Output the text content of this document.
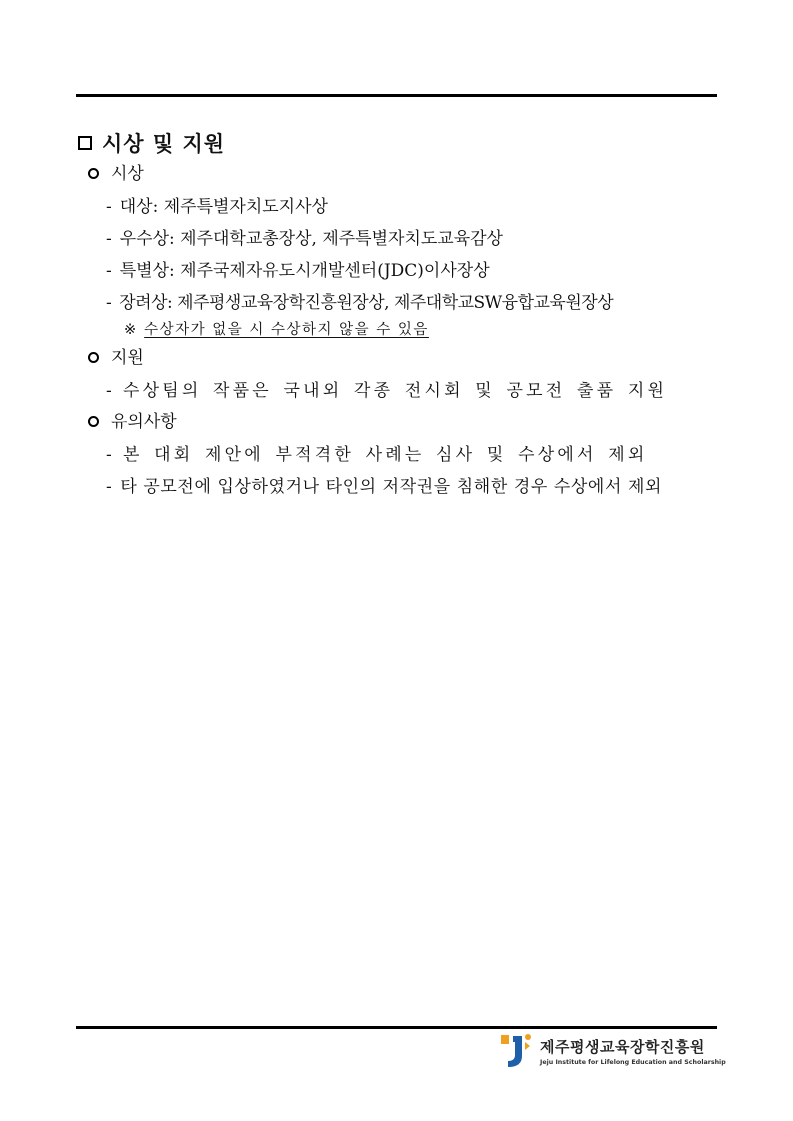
시상 및 지원
시상
- 대상: 제주특별자치도지사상
- 우수상: 제주대학교총장상, 제주특별자치도교육감상
- 특별상: 제주국제자유도시개발센터(JDC)이사장상
- 장려상: 제주평생교육장학진흥원장상, 제주대학교SW융합교육원장상
※ 수상자가 없을 시 수상하지 않을 수 있음
지원
- 수상팀의 작품은 국내외 각종 전시회 및 공모전 출품 지원
유의사항
- 본 대회 제안에 부적격한 사례는 심사 및 수상에서 제외
- 타 공모전에 입상하였거나 타인의 저작권을 침해한 경우 수상에서 제외
제주평생교육장학진흥원
Jeju Institute for Lifelong Education and Scholarship
